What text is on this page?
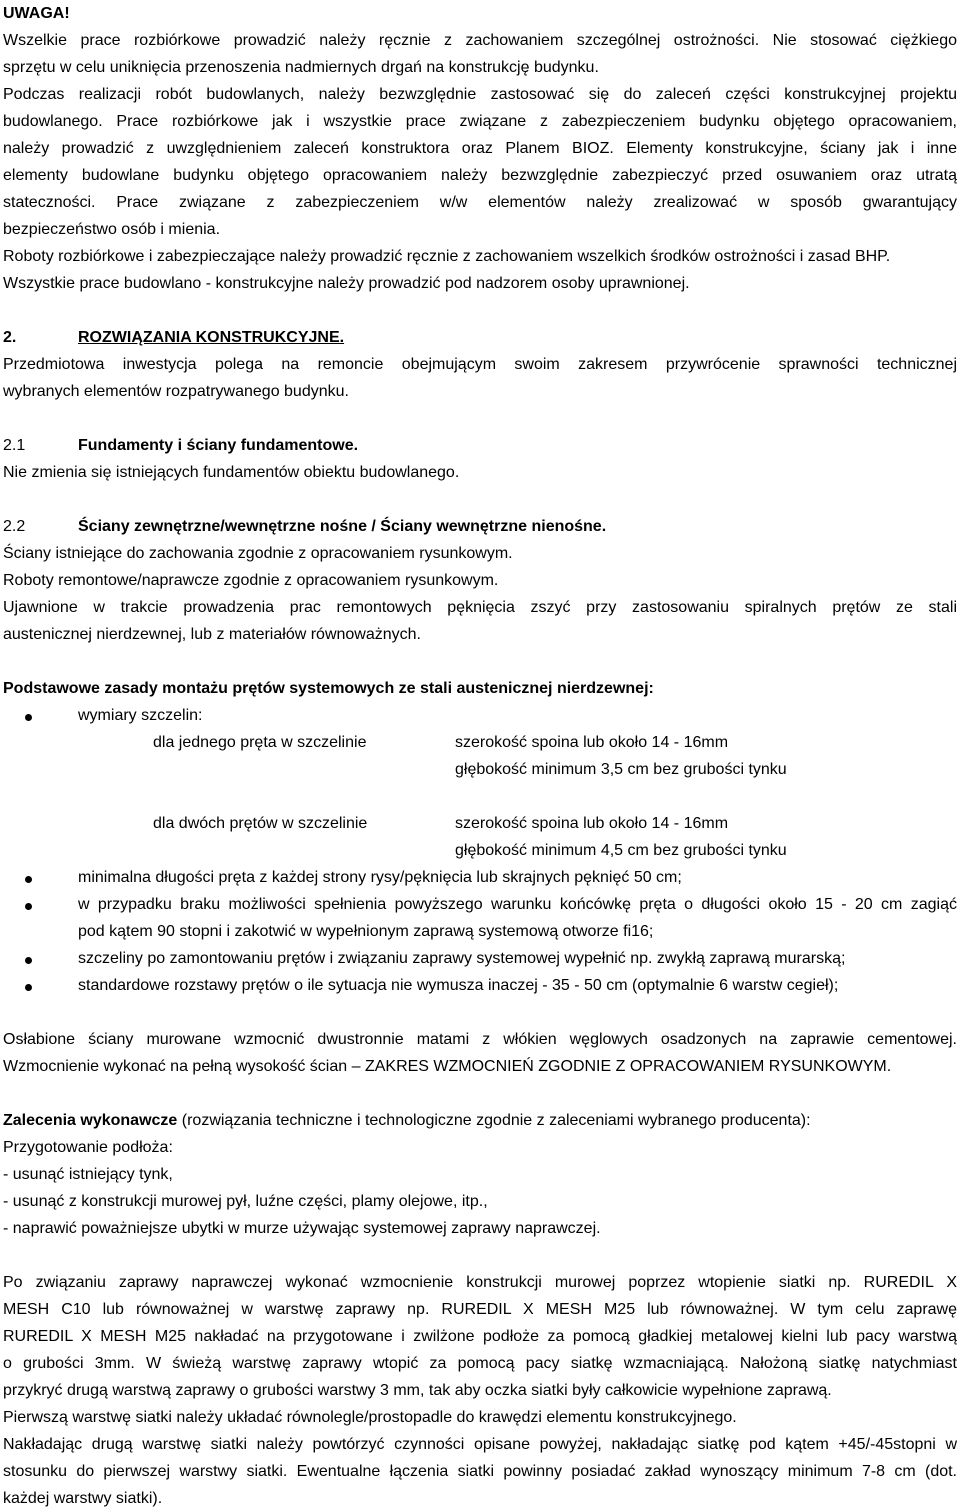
UWAGA!
Wszelkie prace rozbiórkowe prowadzić należy ręcznie z zachowaniem szczególnej ostrożności. Nie stosować ciężkiego
sprzętu w celu uniknięcia przenoszenia nadmiernych drgań na konstrukcję budynku.
Podczas realizacji robót budowlanych, należy bezwzględnie zastosować się do zaleceń części konstrukcyjnej projektu
budowlanego. Prace rozbiórkowe jak i wszystkie prace związane z zabezpieczeniem budynku objętego opracowaniem,
należy prowadzić z uwzględnieniem zaleceń konstruktora oraz Planem BIOZ. Elementy konstrukcyjne, ściany jak i inne
elementy budowlane budynku objętego opracowaniem należy bezwzględnie zabezpieczyć przed osuwaniem oraz utratą
stateczności. Prace związane z zabezpieczeniem w/w elementów należy zrealizować w sposób gwarantujący
bezpieczeństwo osób i mienia.
Roboty rozbiórkowe i zabezpieczające należy prowadzić ręcznie z zachowaniem wszelkich środków ostrożności i zasad BHP.
Wszystkie prace budowlano - konstrukcyjne należy prowadzić pod nadzorem osoby uprawnionej.
2.	ROZWIĄZANIA KONSTRUKCYJNE.
Przedmiotowa inwestycja polega na remoncie obejmującym swoim zakresem przywrócenie sprawności technicznej
wybranych elementów rozpatrywanego budynku.
2.1	Fundamenty i ściany fundamentowe.
Nie zmienia się istniejących fundamentów obiektu budowlanego.
2.2	Ściany zewnętrzne/wewnętrzne nośne / Ściany wewnętrzne nienośne.
Ściany istniejące do zachowania zgodnie z opracowaniem rysunkowym.
Roboty remontowe/naprawcze zgodnie z opracowaniem rysunkowym.
Ujawnione w trakcie prowadzenia prac remontowych pęknięcia zszyć przy zastosowaniu spiralnych prętów ze stali
austenicznej nierdzewnej, lub z materiałów równoważnych.
Podstawowe zasady montażu prętów systemowych ze stali austenicznej nierdzewnej:
wymiary szczelin:
dla jednego pręta w szczelinie	szerokość spoina lub około 14 - 16mm
głębokość minimum 3,5 cm bez grubości tynku
dla dwóch prętów w szczelinie	szerokość spoina lub około 14 - 16mm
głębokość minimum 4,5 cm bez grubości tynku
minimalna długości pręta z każdej strony rysy/pęknięcia lub skrajnych pęknięć 50 cm;
w przypadku braku możliwości spełnienia powyższego warunku końcówkę pręta o długości około 15 - 20 cm zagiąć
pod kątem 90 stopni i zakotwić w wypełnionym zaprawą systemową otworze fi16;
szczeliny po zamontowaniu prętów i związaniu zaprawy systemowej wypełnić np. zwykłą zaprawą murarską;
standardowe rozstawy prętów o ile sytuacja nie wymusza inaczej - 35 - 50 cm (optymalnie 6 warstw cegieł);
Osłabione ściany murowane wzmocnić dwustronnie matami z włókien węglowych osadzonych na zaprawie cementowej.
Wzmocnienie wykonać na pełną wysokość ścian – ZAKRES WZMOCNIEŃ ZGODNIE Z OPRACOWANIEM RYSUNKOWYM.
Zalecenia wykonawcze (rozwiązania techniczne i technologiczne zgodnie z zaleceniami wybranego producenta):
Przygotowanie podłoża:
- usunąć istniejący tynk,
- usunąć z konstrukcji murowej pył, luźne części, plamy olejowe, itp.,
- naprawić poważniejsze ubytki w murze używając systemowej zaprawy naprawczej.
Po związaniu zaprawy naprawczej wykonać wzmocnienie konstrukcji murowej poprzez wtopienie siatki np. RUREDIL X
MESH C10 lub równoważnej w warstwę zaprawy np. RUREDIL X MESH M25 lub równoważnej. W tym celu zaprawę
RUREDIL X MESH M25 nakładać na przygotowane i zwilżone podłoże za pomocą gładkiej metalowej kielni lub pacy warstwą
o grubości 3mm. W świeżą warstwę zaprawy wtopić za pomocą pacy siatkę wzmacniającą. Nałożoną siatkę natychmiast
przykryć drugą warstwą zaprawy o grubości warstwy 3 mm, tak aby oczka siatki były całkowicie wypełnione zaprawą.
Pierwszą warstwę siatki należy układać równolegle/prostopadle do krawędzi elementu konstrukcyjnego.
Nakładając drugą warstwę siatki należy powtórzyć czynności opisane powyżej, nakładając siatkę pod kątem +45/-45stopni w
stosunku do pierwszej warstwy siatki. Ewentualne łączenia siatki powinny posiadać zakład wynoszący minimum 7-8 cm (dot.
każdej warstwy siatki).
